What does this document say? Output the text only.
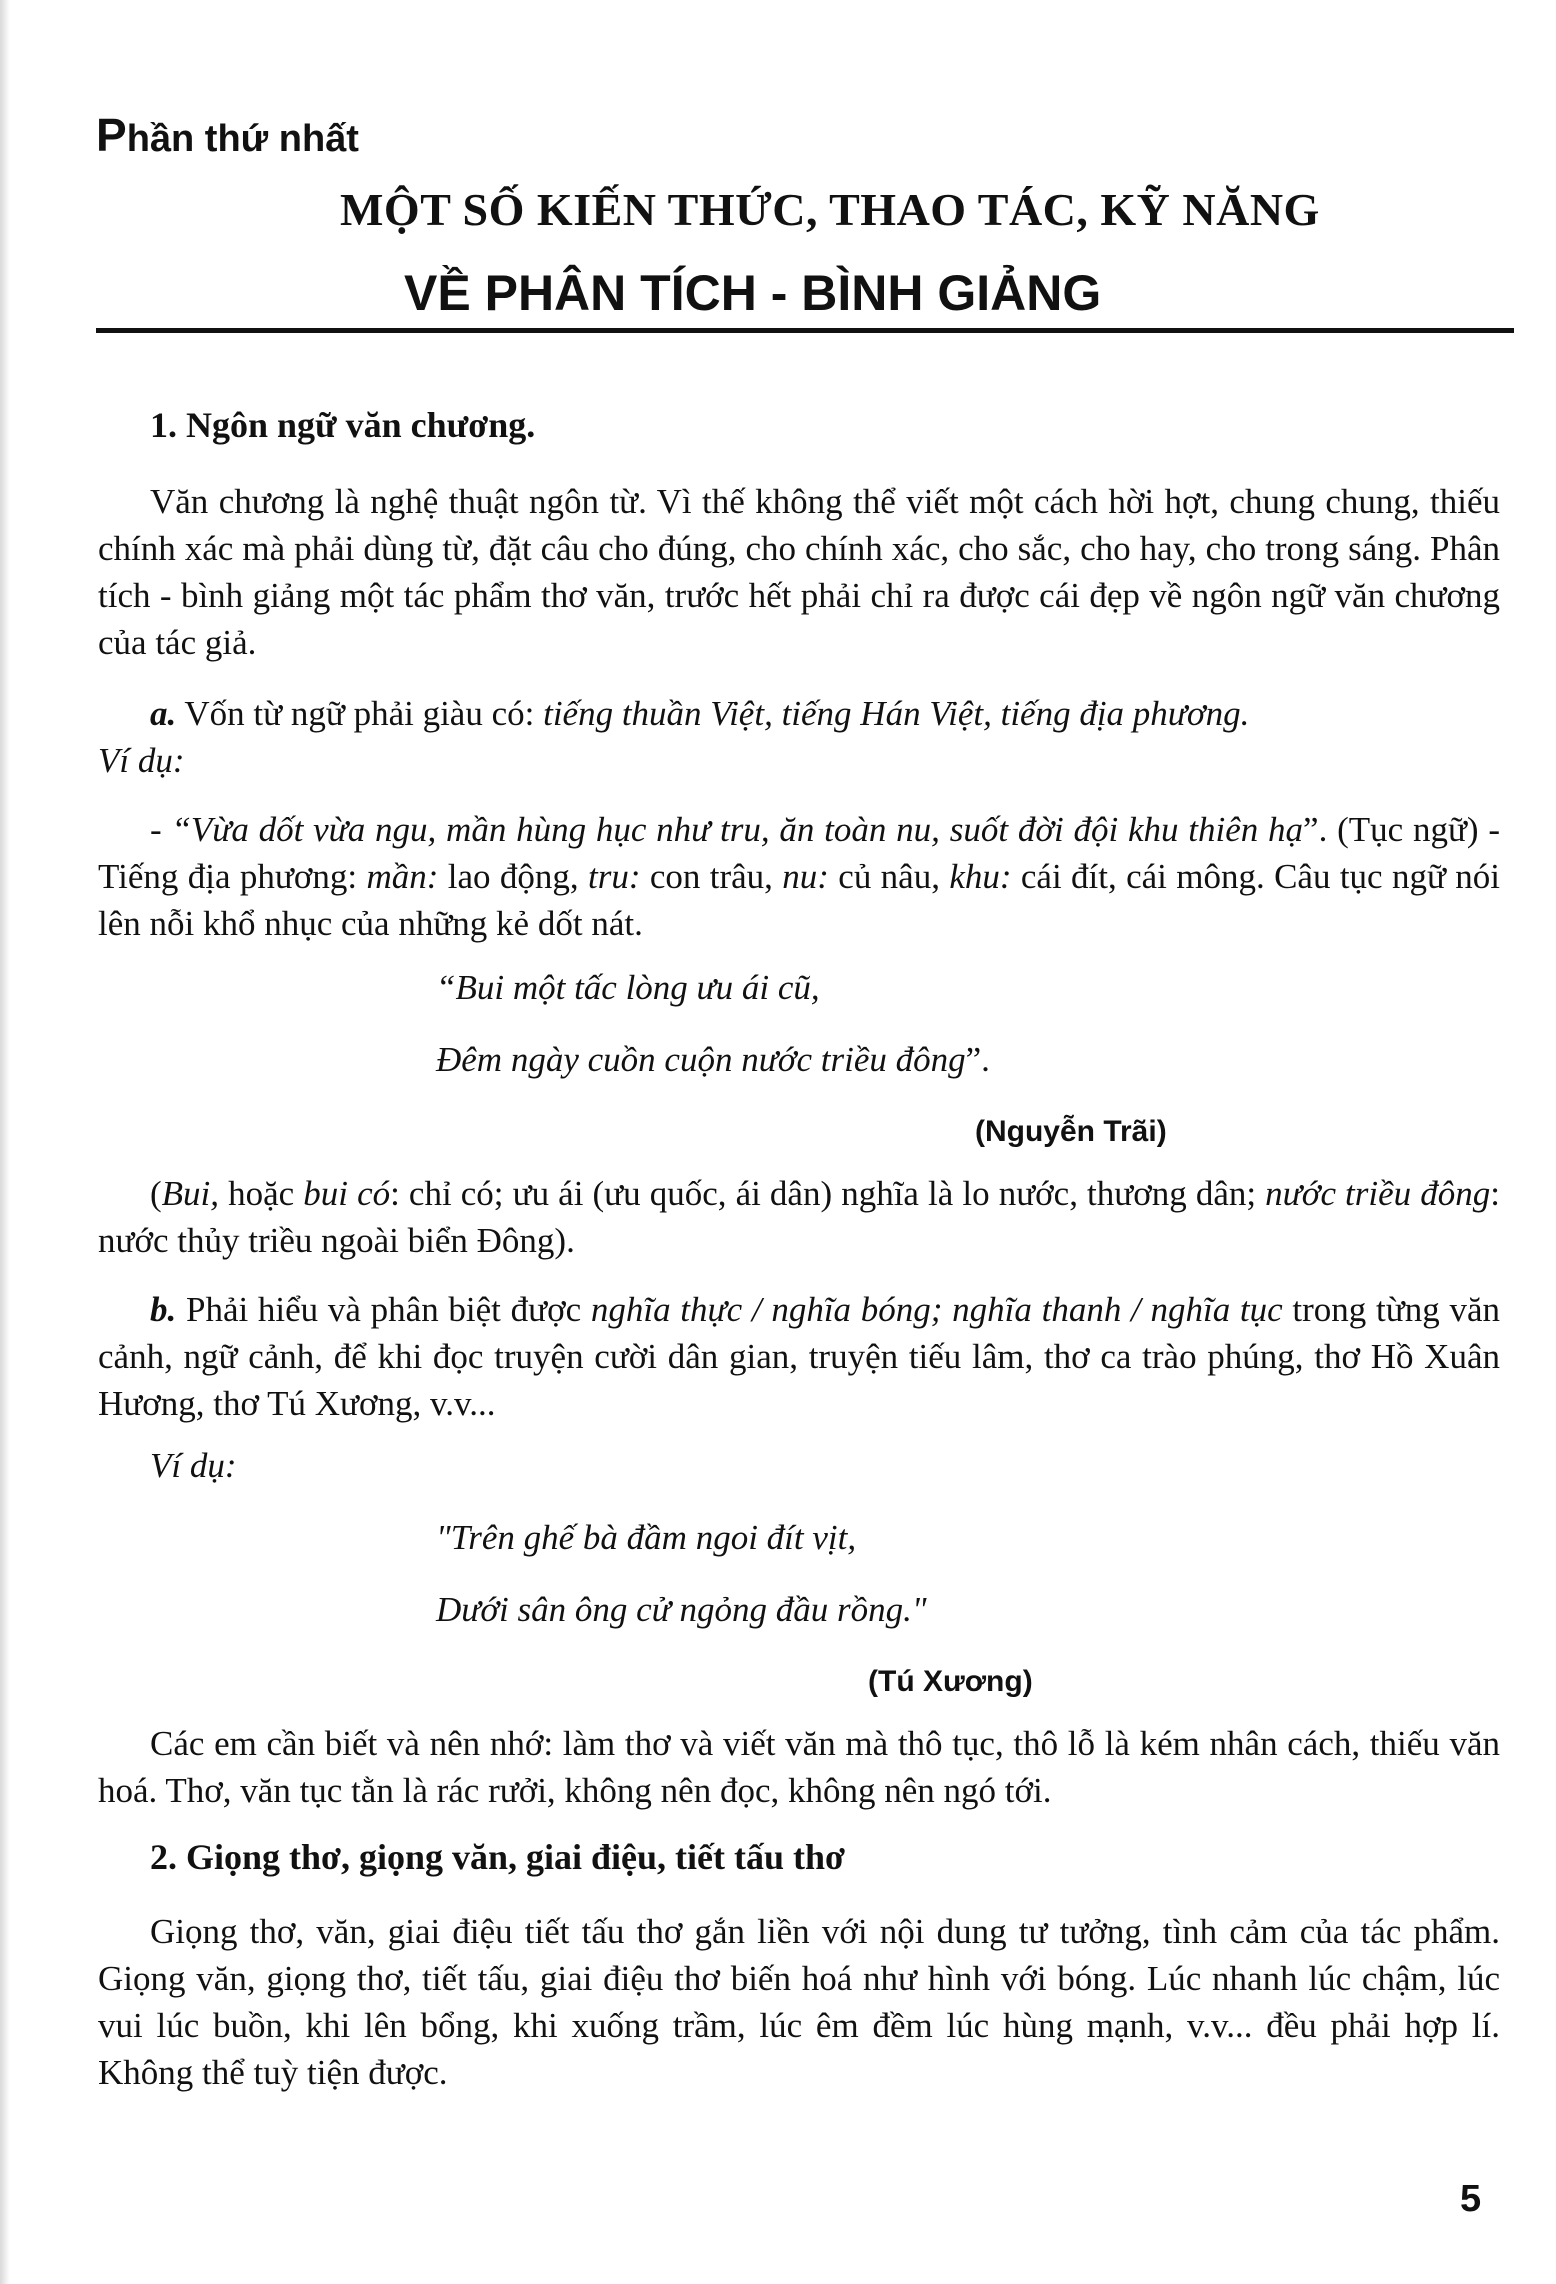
Phần thứ nhất
MỘT SỐ KIẾN THỨC, THAO TÁC, KỸ NĂNG
VỀ PHÂN TÍCH - BÌNH GIẢNG
1. Ngôn ngữ văn chương.
Văn chương là nghệ thuật ngôn từ. Vì thế không thể viết một cách hời hợt, chung chung, thiếu chính xác mà phải dùng từ, đặt câu cho đúng, cho chính xác, cho sắc, cho hay, cho trong sáng. Phân tích - bình giảng một tác phẩm thơ văn, trước hết phải chỉ ra được cái đẹp về ngôn ngữ văn chương của tác giả.
a. Vốn từ ngữ phải giàu có: tiếng thuần Việt, tiếng Hán Việt, tiếng địa phương.
Ví dụ:
- “Vừa dốt vừa ngu, mần hùng hục như tru, ăn toàn nu, suốt đời đội khu thiên hạ”. (Tục ngữ) - Tiếng địa phương: mần: lao động, tru: con trâu, nu: củ nâu, khu: cái đít, cái mông. Câu tục ngữ nói lên nỗi khổ nhục của những kẻ dốt nát.
“Bui một tấc lòng ưu ái cũ,
Đêm ngày cuồn cuộn nước triều đông”.
(Nguyễn Trãi)
(Bui, hoặc bui có: chỉ có; ưu ái (ưu quốc, ái dân) nghĩa là lo nước, thương dân; nước triều đông: nước thủy triều ngoài biển Đông).
b. Phải hiểu và phân biệt được nghĩa thực / nghĩa bóng; nghĩa thanh / nghĩa tục trong từng văn cảnh, ngữ cảnh, để khi đọc truyện cười dân gian, truyện tiếu lâm, thơ ca trào phúng, thơ Hồ Xuân Hương, thơ Tú Xương, v.v...
Ví dụ:
"Trên ghế bà đầm ngoi đít vịt,
Dưới sân ông cử ngỏng đầu rồng."
(Tú Xương)
Các em cần biết và nên nhớ: làm thơ và viết văn mà thô tục, thô lỗ là kém nhân cách, thiếu văn hoá. Thơ, văn tục tằn là rác rưởi, không nên đọc, không nên ngó tới.
2. Giọng thơ, giọng văn, giai điệu, tiết tấu thơ
Giọng thơ, văn, giai điệu tiết tấu thơ gắn liền với nội dung tư tưởng, tình cảm của tác phẩm. Giọng văn, giọng thơ, tiết tấu, giai điệu thơ biến hoá như hình với bóng. Lúc nhanh lúc chậm, lúc vui lúc buồn, khi lên bổng, khi xuống trầm, lúc êm đềm lúc hùng mạnh, v.v... đều phải hợp lí. Không thể tuỳ tiện được.
5
